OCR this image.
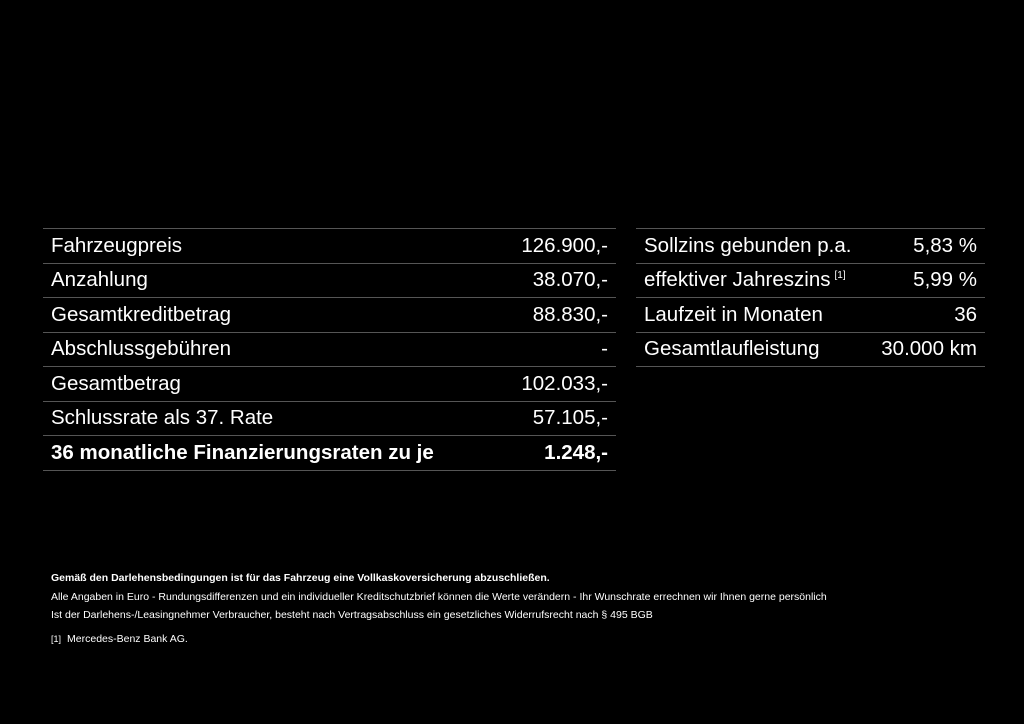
Fahrzeugpreis	126.900,-
Anzahlung	38.070,-
Gesamtkreditbetrag	88.830,-
Abschlussgebühren	-
Gesamtbetrag	102.033,-
Schlussrate als 37. Rate	57.105,-
36 monatliche Finanzierungsraten zu je	1.248,-
Sollzins gebunden p.a.	5,83 %
effektiver Jahreszins [1]	5,99 %
Laufzeit in Monaten	36
Gesamtlaufleistung	30.000 km
Gemäß den Darlehensbedingungen ist für das Fahrzeug eine Vollkaskoversicherung abzuschließen.
Alle Angaben in Euro - Rundungsdifferenzen und ein individueller Kreditschutzbrief können die Werte verändern - Ihr Wunschrate errechnen wir Ihnen gerne persönlich
Ist der Darlehens-/Leasingnehmer Verbraucher, besteht nach Vertragsabschluss ein gesetzliches Widerrufsrecht nach § 495 BGB
[1] Mercedes-Benz Bank AG.
